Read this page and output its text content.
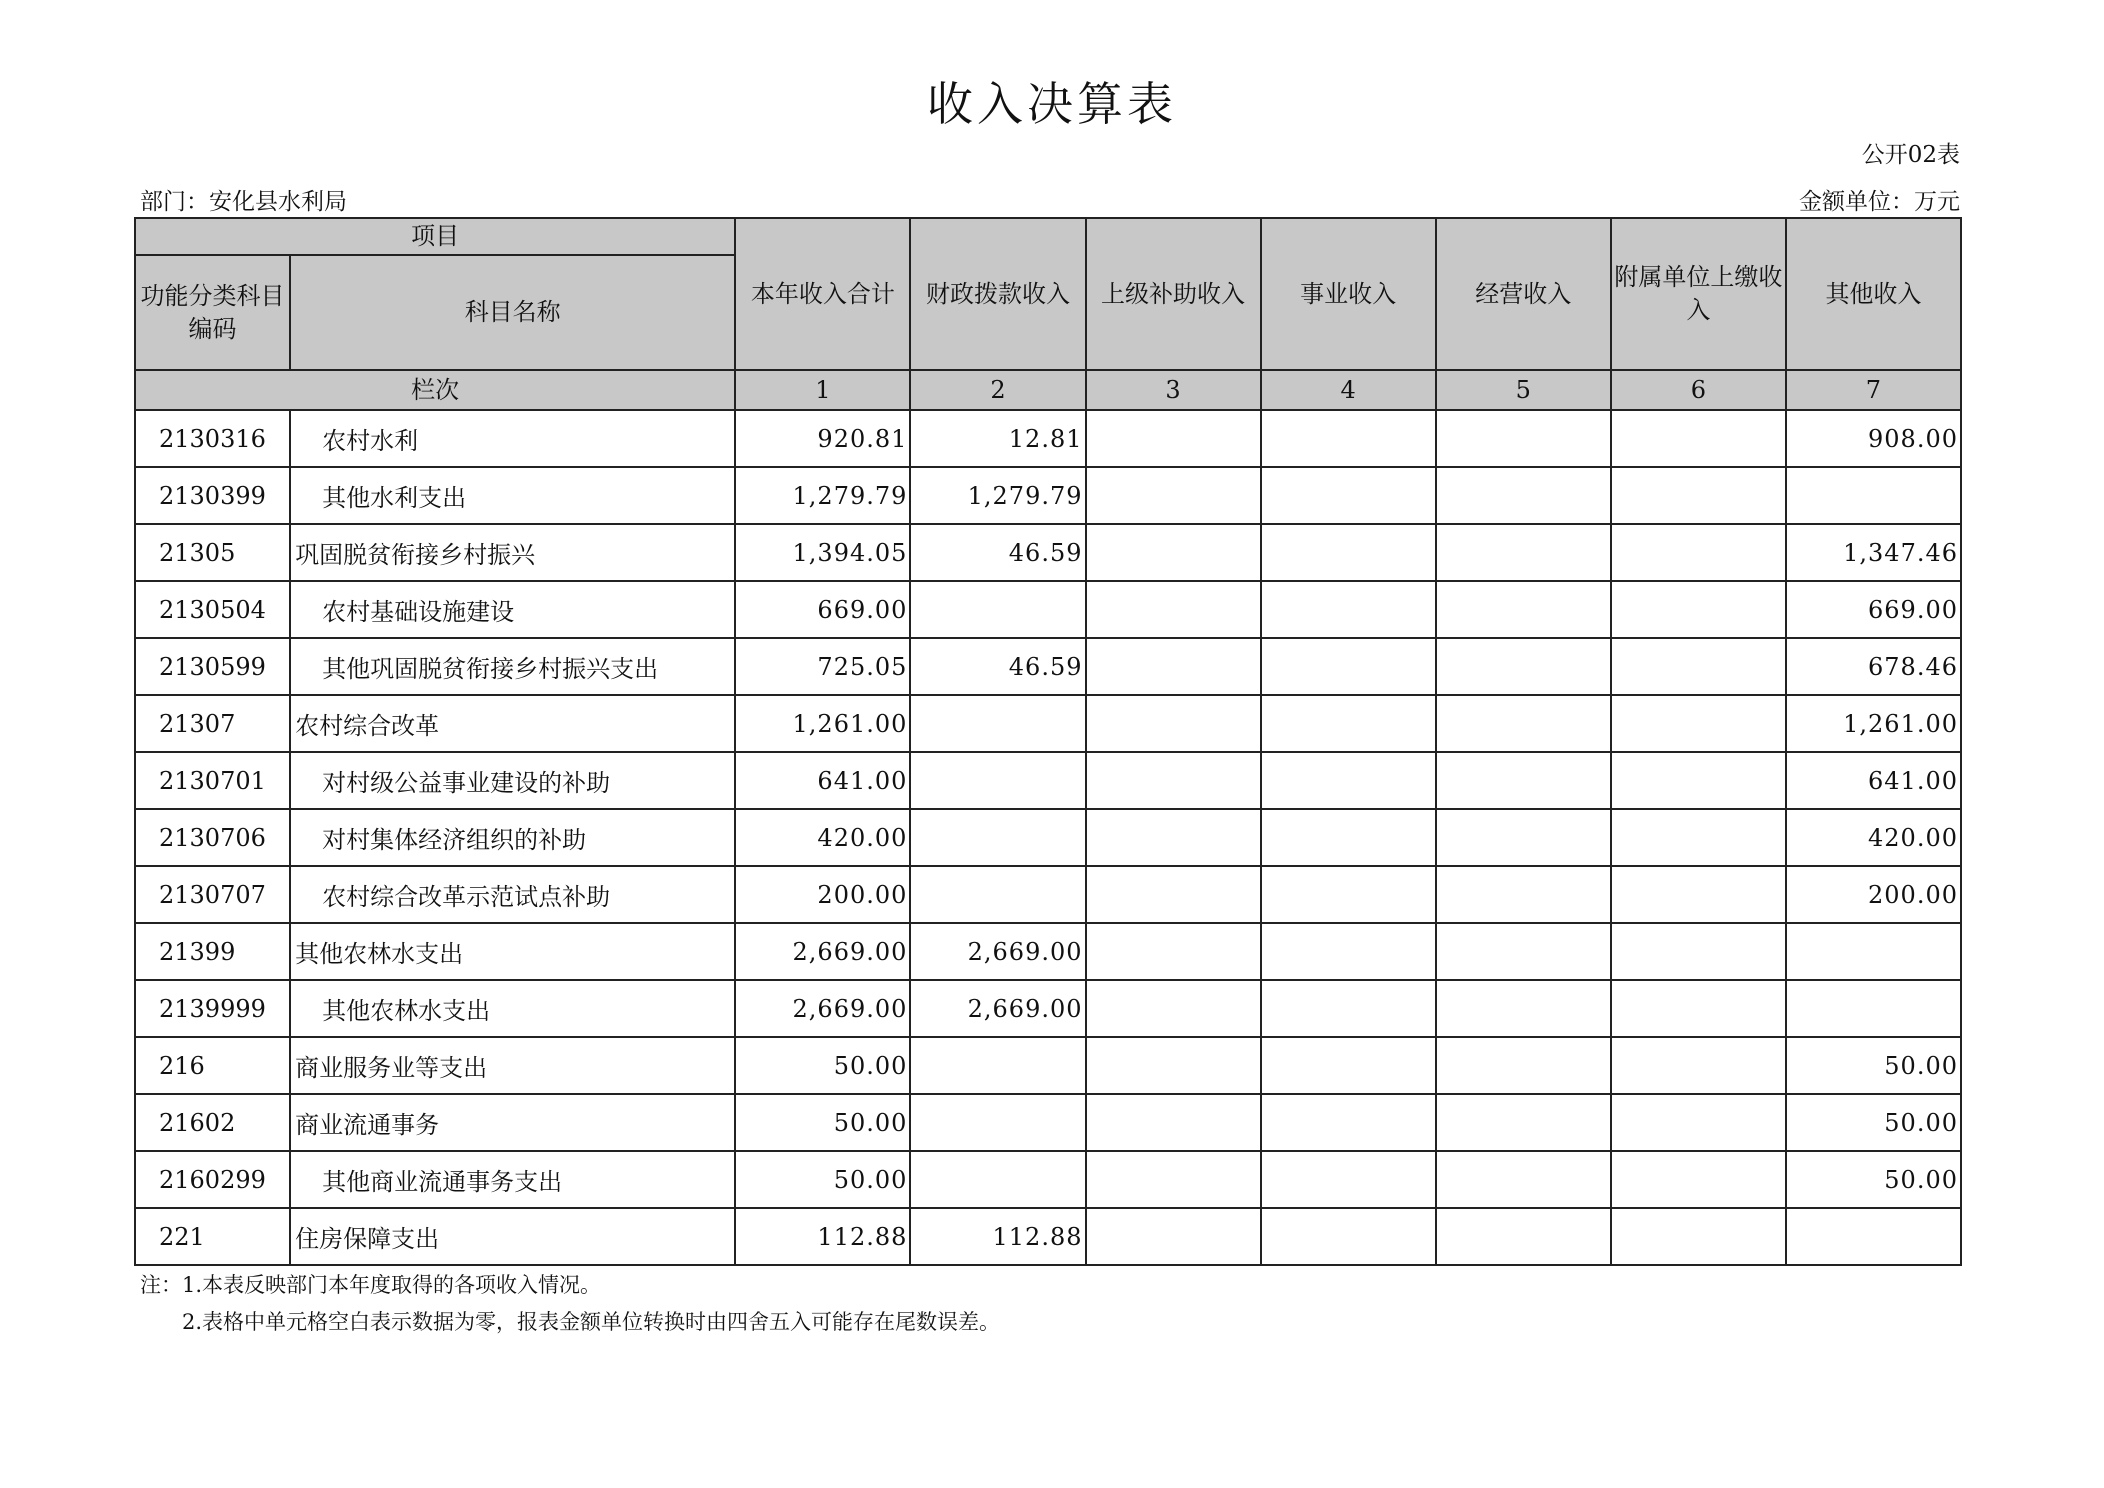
收入决算表
公开02表
部门：安化县水利局	金额单位：万元
项目		本年收入合计	财政拨款收入	上级补助收入	事业收入	经营收入	附属单位上缴收入	其他收入
功能分类科目编码	科目名称							
栏次		1	2	3	4	5	6	7
2130316	农村水利	920.81	12.81					908.00
2130399	其他水利支出	1,279.79	1,279.79					
21305	巩固脱贫衔接乡村振兴	1,394.05	46.59					1,347.46
2130504	农村基础设施建设	669.00						669.00
2130599	其他巩固脱贫衔接乡村振兴支出	725.05	46.59					678.46
21307	农村综合改革	1,261.00						1,261.00
2130701	对村级公益事业建设的补助	641.00						641.00
2130706	对村集体经济组织的补助	420.00						420.00
2130707	农村综合改革示范试点补助	200.00						200.00
21399	其他农林水支出	2,669.00	2,669.00					
2139999	其他农林水支出	2,669.00	2,669.00					
216	商业服务业等支出	50.00						50.00
21602	商业流通事务	50.00						50.00
2160299	其他商业流通事务支出	50.00						50.00
221	住房保障支出	112.88	112.88					
注：1.本表反映部门本年度取得的各项收入情况。
2.表格中单元格空白表示数据为零，报表金额单位转换时由四舍五入可能存在尾数误差。
